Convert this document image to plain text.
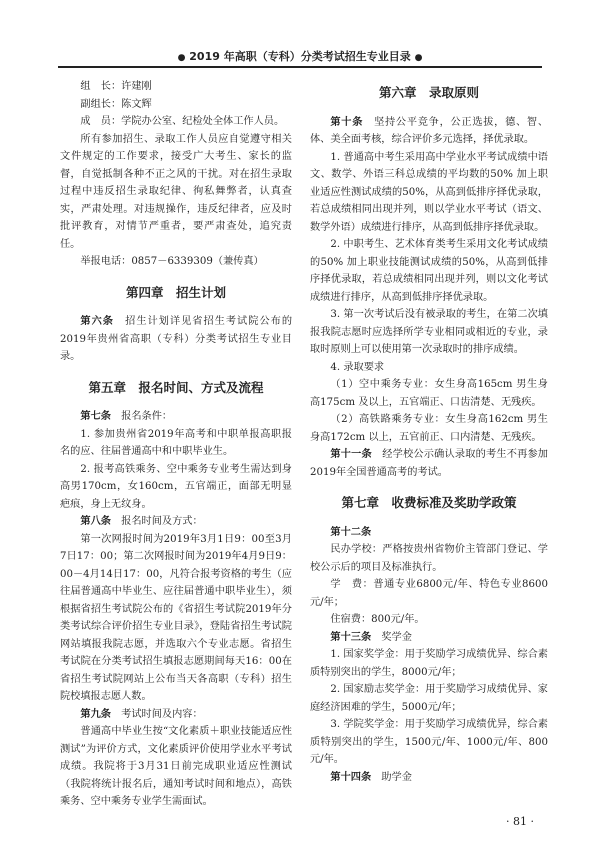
● 2019 年高职（专科）分类考试招生专业目录 ●
组　长：许建刚
副组长：陈文辉
成　员：学院办公室、纪检处全体工作人员。
所有参加招生、录取工作人员应自觉遵守相关文件规定的工作要求，接受广大考生、家长的监督，自觉抵制各种不正之风的干扰。对在招生录取过程中违反招生录取纪律、徇私舞弊者，认真查实，严肃处理。对违规操作，违反纪律者，应及时批评教育，对情节严重者，要严肃查处，追究责任。
举报电话：0857－6339309（兼传真）
第四章　招生计划
第六条　招生计划详见省招生考试院公布的2019年贵州省高职（专科）分类考试招生专业目录。
第五章　报名时间、方式及流程
第七条　报名条件：
1. 参加贵州省2019年高考和中职单报高职报名的应、往届普通高中和中职毕业生。
2. 报考高铁乘务、空中乘务专业考生需达到身高男170cm，女160cm，五官端正，面部无明显疤痕，身上无纹身。
第八条　报名时间及方式：
第一次网报时间为2019年3月1日9：00至3月7日17：00；第二次网报时间为2019年4月9日9：00－4月14日17：00，凡符合报考资格的考生（应往届普通高中毕业生、应往届普通中职毕业生），须根据省招生考试院公布的《省招生考试院2019年分类考试综合评价招生专业目录》，登陆省招生考试院网站填报我院志愿，并选取六个专业志愿。省招生考试院在分类考试招生填报志愿期间每天16：00在省招生考试院网站上公布当天各高职（专科）招生院校填报志愿人数。
第九条　考试时间及内容：
普通高中毕业生按“文化素质＋职业技能适应性测试”为评价方式，文化素质评价使用学业水平考试成绩。我院将于3月31日前完成职业适应性测试（我院将统计报名后，通知考试时间和地点），高铁乘务、空中乘务专业学生需面试。
第六章　录取原则
第十条　坚持公平竞争，公正选拔，德、智、体、美全面考核，综合评价多元选择，择优录取。
1. 普通高中考生采用高中学业水平考试成绩中语文、数学、外语三科总成绩的平均数的50% 加上职业适应性测试成绩的50%，从高到低排序择优录取，若总成绩相同出现并列，则以学业水平考试（语文、数学外语）成绩进行排序，从高到低排序择优录取。
2. 中职考生、艺术体育类考生采用文化考试成绩的50% 加上职业技能测试成绩的50%，从高到低排序择优录取，若总成绩相同出现并列，则以文化考试成绩进行排序，从高到低排序择优录取。
3. 第一次考试后没有被录取的考生，在第二次填报我院志愿时应选择所学专业相同或相近的专业，录取时原则上可以使用第一次录取时的排序成绩。
4. 录取要求
（1）空中乘务专业：女生身高165cm 男生身高175cm 及以上，五官端正、口齿清楚、无残疾。
（2）高铁路乘务专业：女生身高162cm 男生身高172cm 以上，五官前正、口内清楚、无残疾。
第十一条　经学校公示确认录取的考生不再参加2019年全国普通高考的考试。
第七章　收费标准及奖助学政策
第十二条
民办学校：严格按贵州省物价主管部门登记、学校公示后的项目及标准执行。
学　费：普通专业6800元/年、特色专业8600元/年；
住宿费：800元/年。
第十三条　奖学金
1. 国家奖学金：用于奖励学习成绩优异、综合素质特别突出的学生，8000元/年；
2. 国家励志奖学金：用于奖励学习成绩优异、家庭经济困难的学生，5000元/年；
3. 学院奖学金：用于奖励学习成绩优异，综合素质特别突出的学生，1500元/年、1000元/年、800元/年。
第十四条　助学金
· 81 ·
